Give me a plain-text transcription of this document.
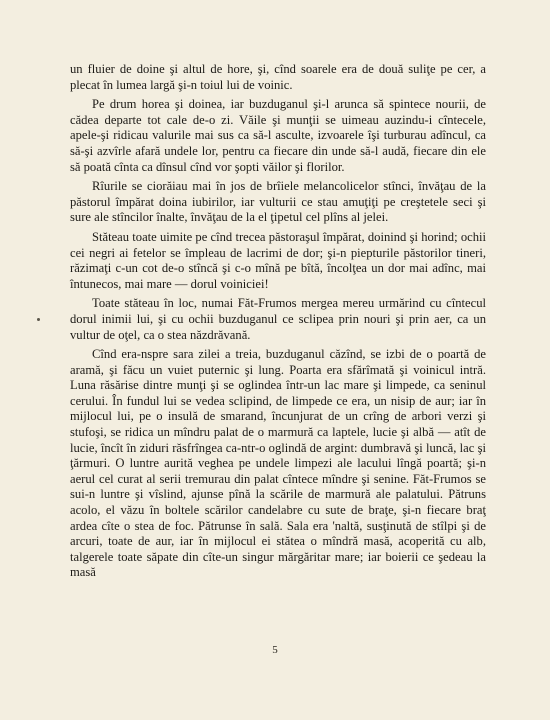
un fluier de doine şi altul de hore, şi, cînd soarele era de două suliţe pe cer, a plecat în lumea largă şi-n toiul lui de voinic.

Pe drum horea şi doinea, iar buzduganul şi-l arunca să spintece nourii, de cădea departe tot cale de-o zi. Văile şi munţii se uimeau auzindu-i cîntecele, apele-şi ridicau valurile mai sus ca să-l asculte, izvoarele îşi turburau adîncul, ca să-şi azvîrle afară undele lor, pentru ca fiecare din unde să-l audă, fiecare din ele să poată cînta ca dînsul cînd vor şopti văilor şi florilor.

Rîurile se ciorăiau mai în jos de brîiele melancolicelor stînci, învăţau de la păstorul împărat doina iubirilor, iar vulturii ce stau amuţiţi pe creştetele seci şi sure ale stîncilor înalte, învăţau de la el ţipetul cel plîns al jelei.

Stăteau toate uimite pe cînd trecea păstoraşul împărat, doinind şi horind; ochii cei negri ai fetelor se împleau de lacrimi de dor; şi-n piepturile păstorilor tineri, răzimaţi c-un cot de-o stîncă şi c-o mînă pe bîtă, încolţea un dor mai adînc, mai întunecos, mai mare — dorul voiniciei!

Toate stăteau în loc, numai Făt-Frumos mergea mereu urmărind cu cîntecul dorul inimii lui, şi cu ochii buzduganul ce sclipea prin nouri şi prin aer, ca un vultur de oţel, ca o stea năzdrăvană.

Cînd era-nspre sara zilei a treia, buzduganul căzînd, se izbi de o poartă de aramă, şi făcu un vuiet puternic şi lung. Poarta era sfărîmată şi voinicul intră. Luna răsărise dintre munţi şi se oglindea într-un lac mare şi limpede, ca seninul cerului. În fundul lui se vedea sclipind, de limpede ce era, un nisip de aur; iar în mijlocul lui, pe o insulă de smarand, încunjurat de un crîng de arbori verzi şi stufoşi, se ridica un mîndru palat de o marmură ca laptele, lucie şi albă — atît de lucie, încît în ziduri răsfrîngea ca-ntr-o oglindă de argint: dumbravă şi luncă, lac şi ţărmuri. O luntre aurită veghea pe undele limpezi ale lacului lîngă poartă; şi-n aerul cel curat al serii tremurau din palat cîntece mîndre şi senine. Făt-Frumos se sui-n luntre şi vîslind, ajunse pînă la scările de marmură ale palatului. Pătruns acolo, el văzu în boltele scărilor candelabre cu sute de braţe, şi-n fiecare braţ ardea cîte o stea de foc. Pătrunse în sală. Sala era 'naltă, susţinută de stîlpi şi de arcuri, toate de aur, iar în mijlocul ei stătea o mîndră masă, acoperită cu alb, talgerele toate săpate din cîte-un singur mărgăritar mare; iar boierii ce şedeau la masă

5
